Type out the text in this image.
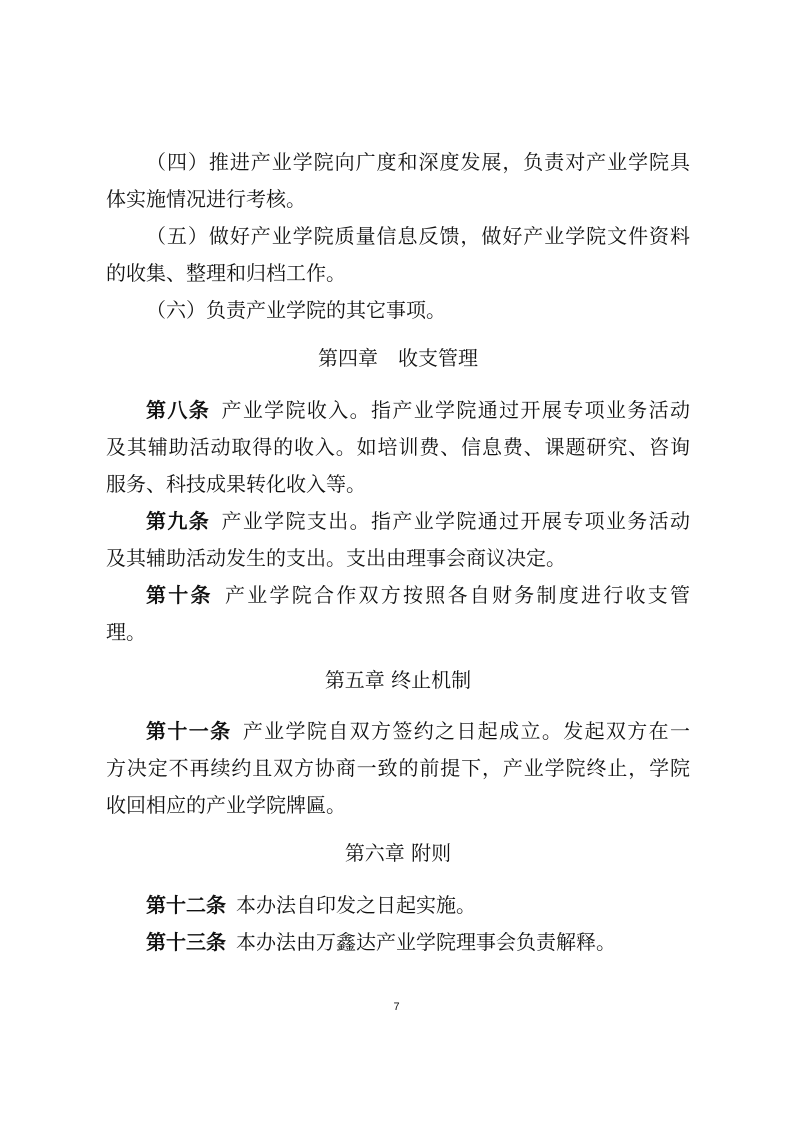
（四）推进产业学院向广度和深度发展，负责对产业学院具
体实施情况进行考核。
（五）做好产业学院质量信息反馈，做好产业学院文件资料
的收集、整理和归档工作。
（六）负责产业学院的其它事项。
第四章　收支管理
第八条  产业学院收入。指产业学院通过开展专项业务活动
及其辅助活动取得的收入。如培训费、信息费、课题研究、咨询
服务、科技成果转化收入等。
第九条  产业学院支出。指产业学院通过开展专项业务活动
及其辅助活动发生的支出。支出由理事会商议决定。
第十条  产业学院合作双方按照各自财务制度进行收支管
理。
第五章 终止机制
第十一条  产业学院自双方签约之日起成立。发起双方在一
方决定不再续约且双方协商一致的前提下，产业学院终止，学院
收回相应的产业学院牌匾。
第六章 附则
第十二条  本办法自印发之日起实施。
第十三条  本办法由万鑫达产业学院理事会负责解释。
7
